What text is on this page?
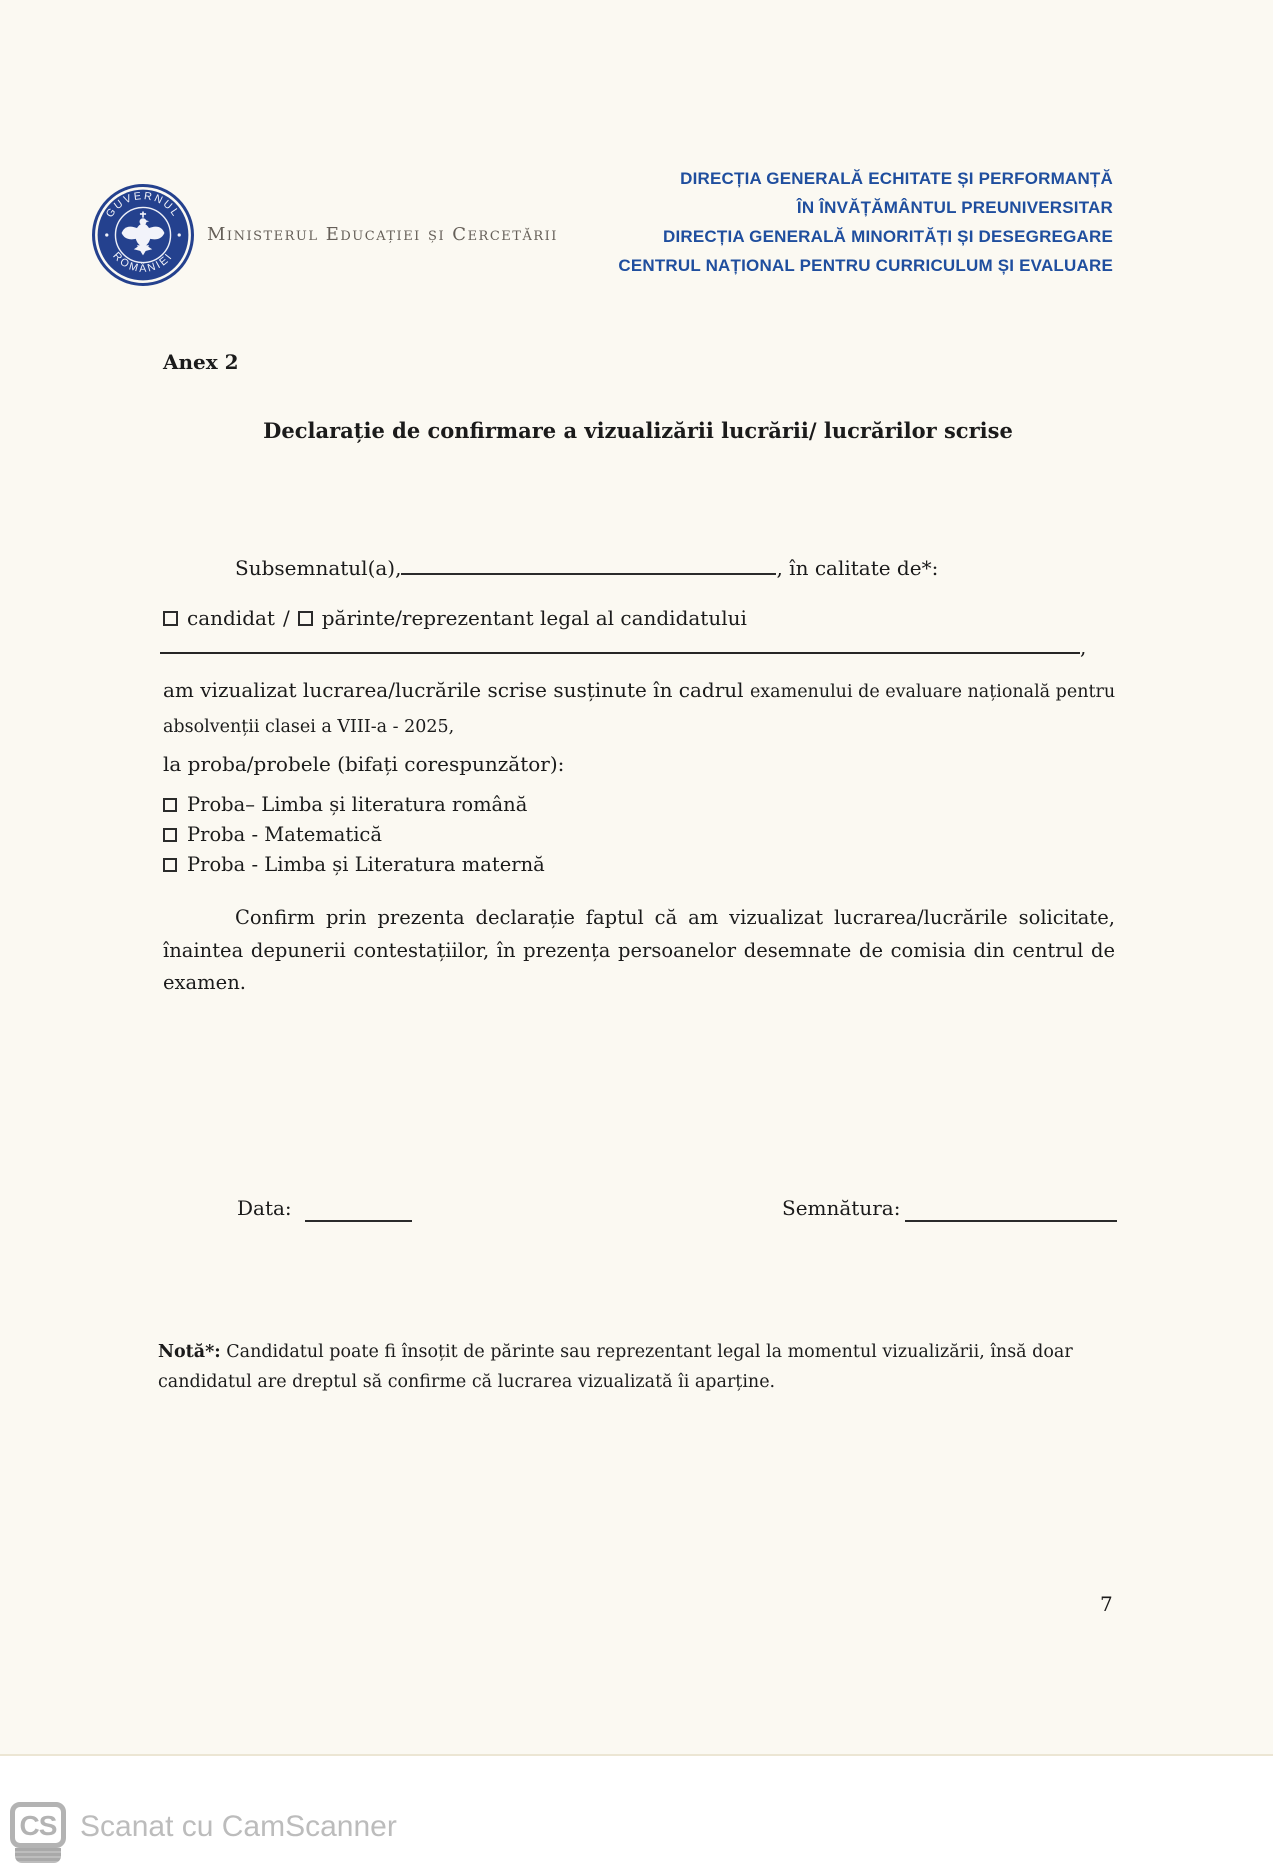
GUVERNUL
ROMÂNIEI
Ministerul Educației și Cercetării
DIRECȚIA GENERALĂ ECHITATE ȘI PERFORMANȚĂ
ÎN ÎNVĂȚĂMÂNTUL PREUNIVERSITAR
DIRECȚIA GENERALĂ MINORITĂȚI ȘI DESEGREGARE
CENTRUL NAȚIONAL PENTRU CURRICULUM ȘI EVALUARE
Anex 2
Declarație de confirmare a vizualizării lucrării/ lucrărilor scrise
Subsemnatul(a),	, în calitate de*:
candidat / părinte/reprezentant legal al candidatului
,

am vizualizat lucrarea/lucrările scrise susținute în cadrul examenului de evaluare națională pentru absolvenții clasei a VIII-a - 2025,

la proba/probele (bifați corespunzător):
Proba– Limba și literatura română
Proba - Matematică
Proba - Limba și Literatura maternă

Confirm prin prezenta declarație faptul că am vizualizat lucrarea/lucrările solicitate, înaintea depunerii contestațiilor, în prezența persoanelor desemnate de comisia din centrul de examen.

Data:	Semnătura:

Notă*: Candidatul poate fi însoțit de părinte sau reprezentant legal la momentul vizualizării, însă doar candidatul are dreptul să confirme că lucrarea vizualizată îi aparține.

7
CS Scanat cu CamScanner
